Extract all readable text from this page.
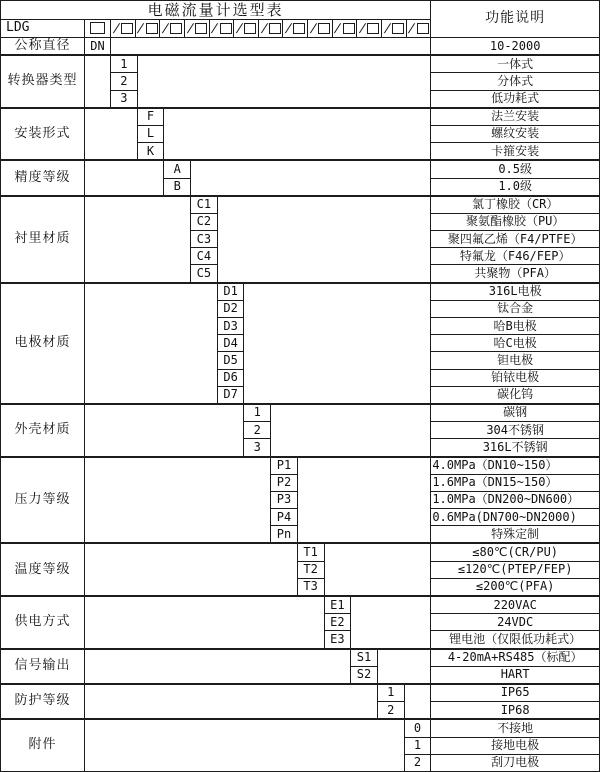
电磁流量计选型表														功能说明
LDG		/ / / / / / / / / / / / /

公称直径	DN													10-2000
转换器类型		1												一体式
		2												分体式
		3												低功耗式
安装形式			F											法兰安装
			L											螺纹安装
			K											卡箍安装
精度等级				A										0.5级
				B										1.0级
衬里材质					C1									氯丁橡胶（CR）
					C2									聚氨酯橡胶（PU）
					C3									聚四氟乙烯（F4/PTFE）
					C4									特氟龙（F46/FEP）
					C5									共聚物（PFA）
电极材质						D1								316L电极
						D2								钛合金
						D3								哈B电极
						D4								哈C电极
						D5								钽电极
						D6								铂铱电极
						D7								碳化钨
外壳材质							1							碳钢
							2							304不锈钢
							3							316L不锈钢
压力等级								P1						4.0MPa（DN10~150）
								P2						1.6MPa（DN15~150）
								P3						1.0MPa（DN200~DN600）
								P4						0.6MPa(DN700~DN2000)
								Pn						特殊定制
温度等级									T1					≤80℃(CR/PU)
									T2					≤120℃(PTEP/FEP)
									T3					≤200℃(PFA)
供电方式										E1				220VAC
										E2				24VDC
										E3				锂电池（仅限低功耗式）
信号输出											S1			4-20mA+RS485（标配）
											S2			HART
防护等级												1		IP65
												2		IP68
附件													0	不接地
													1	接地电极
													2	刮刀电极
